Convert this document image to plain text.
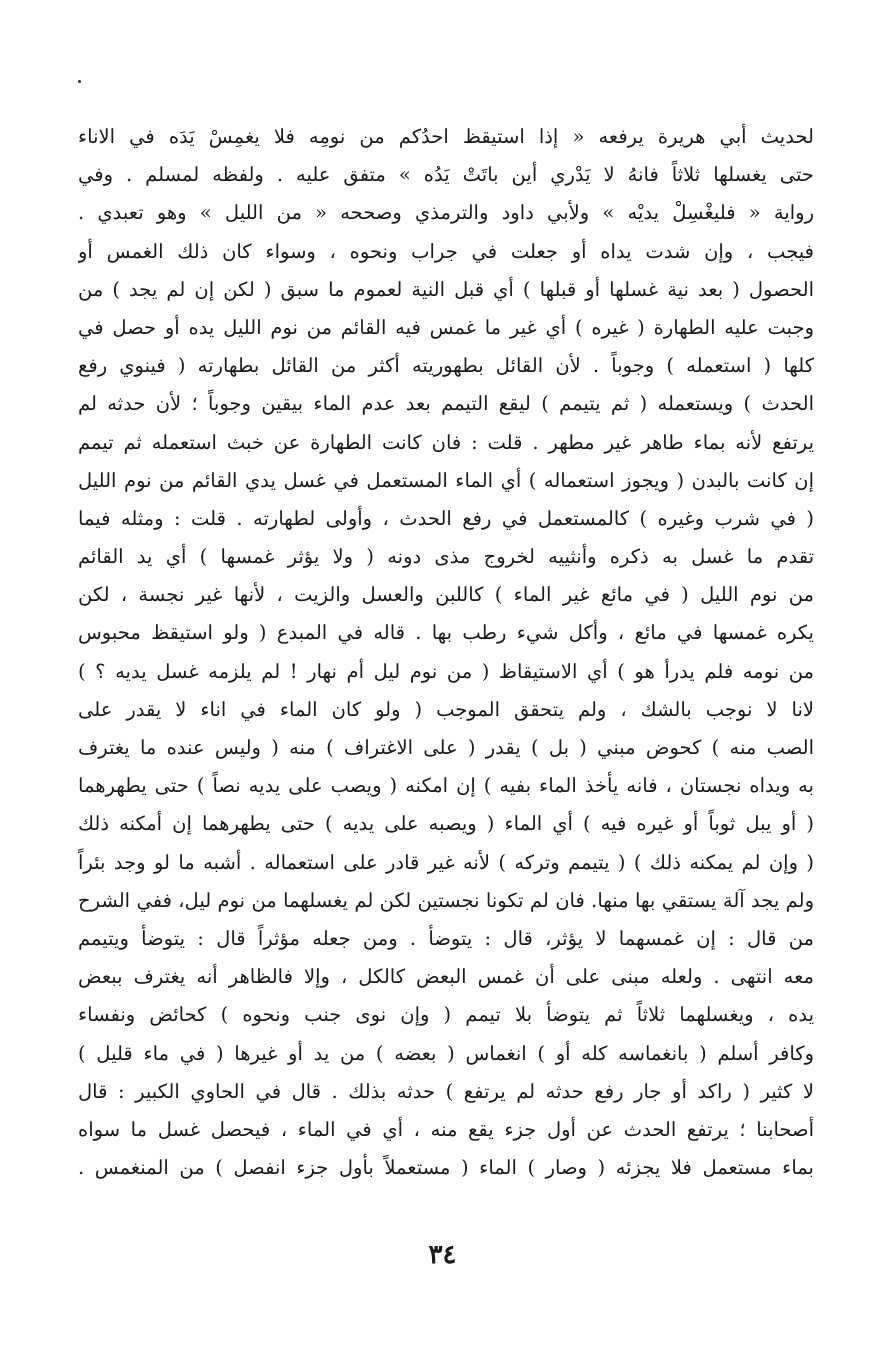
لحديث أبي هريرة يرفعه « إذا استيقظ احدُكم من نومِه فلا يغمِسْ يَدَه في الاناء
حتى يغسلها ثلاثاً فانهُ لا يَدْري أين باتَتْ يَدُه » متفق عليه . ولفظه لمسلم . وفي
رواية « فليغْسِلْ يديْه » ولأبي داود والترمذي وصححه « من الليل » وهو تعبدي .
فيجب ، وإن شدت يداه أو جعلت في جراب ونحوه ، وسواء كان ذلك الغمس أو
الحصول ( بعد نية غسلها أو قبلها ) أي قبل النية لعموم ما سبق ( لكن إن لم يجد ) من
وجبت عليه الطهارة ( غيره ) أي غير ما غمس فيه القائم من نوم الليل يده أو حصل في
كلها ( استعمله ) وجوباً . لأن القائل بطهوريته أكثر من القائل بطهارته ( فينوي رفع
الحدث ) ويستعمله ( ثم يتيمم ) ليقع التيمم بعد عدم الماء بيقين وجوباً ؛ لأن حدثه لم
يرتفع لأنه بماء طاهر غير مطهر . قلت : فان كانت الطهارة عن خبث استعمله ثم تيمم
إن كانت بالبدن ( ويجوز استعماله ) أي الماء المستعمل في غسل يدي القائم من نوم الليل
( في شرب وغيره ) كالمستعمل في رفع الحدث ، وأولى لطهارته . قلت : ومثله فيما
تقدم ما غسل به ذكره وأنثييه لخروج مذى دونه ( ولا يؤثر غمسها ) أي يد القائم
من نوم الليل ( في مائع غير الماء ) كاللبن والعسل والزيت ، لأنها غير نجسة ، لكن
يكره غمسها في مائع ، وأكل شيء رطب بها . قاله في المبدع ( ولو استيقظ محبوس
من نومه فلم يدرأ هو ) أي الاستيقاظ ( من نوم ليل أم نهار ! لم يلزمه غسل يديه ؟ )
لانا لا نوجب بالشك ، ولم يتحقق الموجب ( ولو كان الماء في اناء لا يقدر على
الصب منه ) كحوض مبني ( بل ) يقدر ( على الاغتراف ) منه ( وليس عنده ما يغترف
به ويداه نجستان ، فانه يأخذ الماء بفيه ) إن امكنه ( ويصب على يديه نصاً ) حتى يطهرهما
( أو يبل ثوباً أو غيره فيه ) أي الماء ( ويصبه على يديه ) حتى يطهرهما إن أمكنه ذلك
( وإن لم يمكنه ذلك ) ( يتيمم وتركه ) لأنه غير قادر على استعماله . أشبه ما لو وجد بئراً
ولم يجد آلة يستقي بها منها. فان لم تكونا نجستين لكن لم يغسلهما من نوم ليل، ففي الشرح
من قال : إن غمسهما لا يؤثر، قال : يتوضأ . ومن جعله مؤثراً قال : يتوضأ ويتيمم
معه انتهى . ولعله مبنى على أن غمس البعض كالكل ، وإلا فالظاهر أنه يغترف ببعض
يده ، ويغسلهما ثلاثاً ثم يتوضأ بلا تيمم ( وإن نوى جنب ونحوه ) كحائض ونفساء
وكافر أسلم ( بانغماسه كله أو ) انغماس ( بعضه ) من يد أو غيرها ( في ماء قليل )
لا كثير ( راكد أو جار رفع حدثه لم يرتفع ) حدثه بذلك . قال في الحاوي الكبير : قال
أصحابنا ؛ يرتفع الحدث عن أول جزء يقع منه ، أي في الماء ، فيحصل غسل ما سواه
بماء مستعمل فلا يجزئه ( وصار ) الماء ( مستعملاً بأول جزء انفصل ) من المنغمس .
٣٤
